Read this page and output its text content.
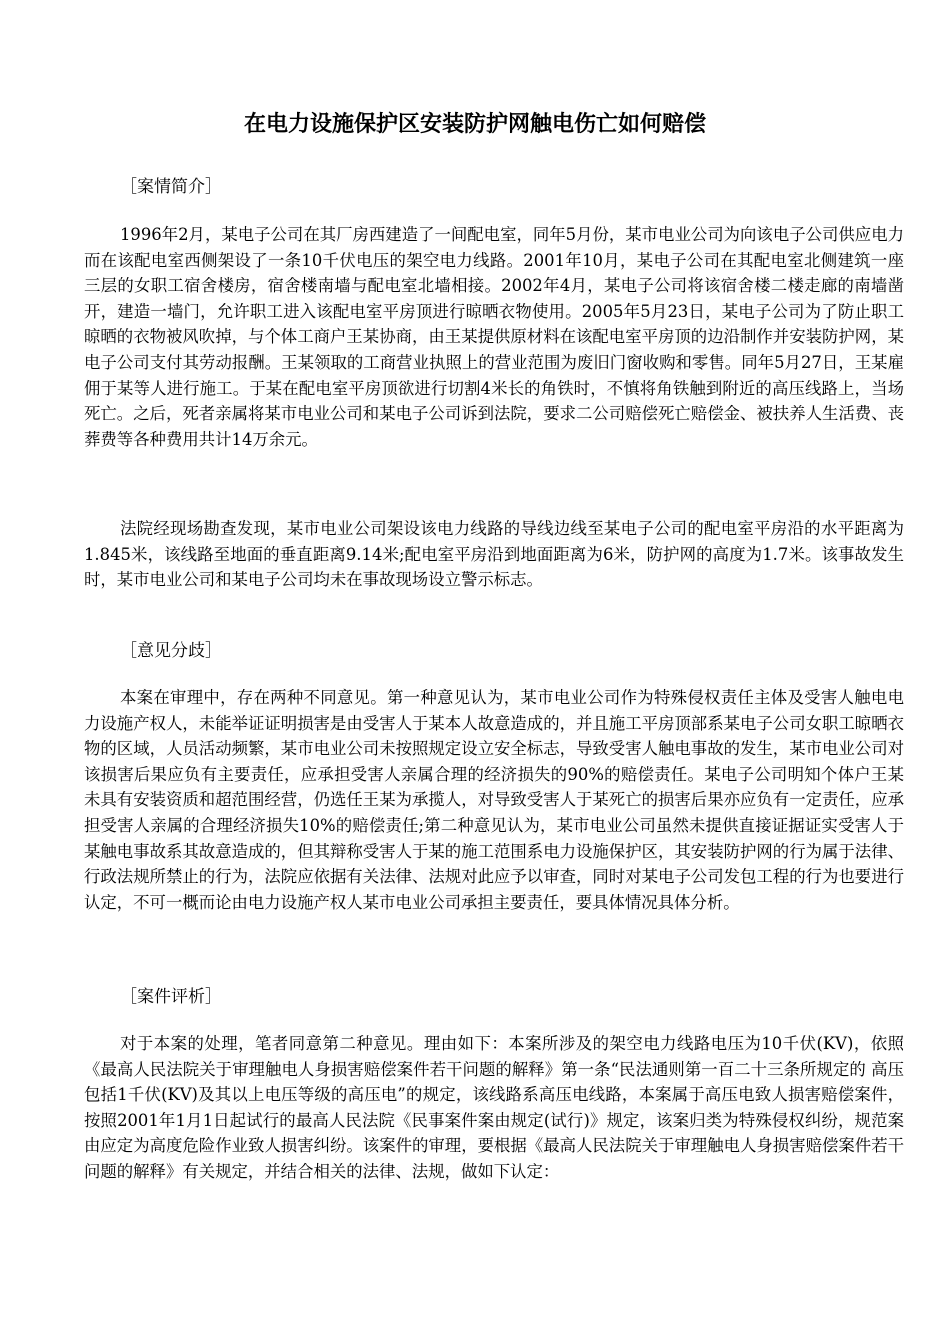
在电力设施保护区安装防护网触电伤亡如何赔偿

［案情简介］

1996年2月，某电子公司在其厂房西建造了一间配电室，同年5月份，某市电业公司为向该电子公司供应电力而在该配电室西侧架设了一条10千伏电压的架空电力线路。2001年10月，某电子公司在其配电室北侧建筑一座三层的女职工宿舍楼房，宿舍楼南墙与配电室北墙相接。2002年4月，某电子公司将该宿舍楼二楼走廊的南墙凿开，建造一墙门，允许职工进入该配电室平房顶进行晾晒衣物使用。2005年5月23日，某电子公司为了防止职工晾晒的衣物被风吹掉，与个体工商户王某协商，由王某提供原材料在该配电室平房顶的边沿制作并安装防护网，某电子公司支付其劳动报酬。王某领取的工商营业执照上的营业范围为废旧门窗收购和零售。同年5月27日，王某雇佣于某等人进行施工。于某在配电室平房顶欲进行切割4米长的角铁时，不慎将角铁触到附近的高压线路上，当场死亡。之后，死者亲属将某市电业公司和某电子公司诉到法院，要求二公司赔偿死亡赔偿金、被扶养人生活费、丧葬费等各种费用共计14万余元。

法院经现场勘查发现，某市电业公司架设该电力线路的导线边线至某电子公司的配电室平房沿的水平距离为1.845米，该线路至地面的垂直距离9.14米;配电室平房沿到地面距离为6米，防护网的高度为1.7米。该事故发生时，某市电业公司和某电子公司均未在事故现场设立警示标志。

［意见分歧］

本案在审理中，存在两种不同意见。第一种意见认为，某市电业公司作为特殊侵权责任主体及受害人触电电力设施产权人，未能举证证明损害是由受害人于某本人故意造成的，并且施工平房顶部系某电子公司女职工晾晒衣物的区域，人员活动频繁，某市电业公司未按照规定设立安全标志，导致受害人触电事故的发生，某市电业公司对该损害后果应负有主要责任，应承担受害人亲属合理的经济损失的90%的赔偿责任。某电子公司明知个体户王某未具有安装资质和超范围经营，仍选任王某为承揽人，对导致受害人于某死亡的损害后果亦应负有一定责任，应承担受害人亲属的合理经济损失10%的赔偿责任;第二种意见认为，某市电业公司虽然未提供直接证据证实受害人于某触电事故系其故意造成的，但其辩称受害人于某的施工范围系电力设施保护区，其安装防护网的行为属于法律、行政法规所禁止的行为，法院应依据有关法律、法规对此应予以审查，同时对某电子公司发包工程的行为也要进行认定，不可一概而论由电力设施产权人某市电业公司承担主要责任，要具体情况具体分析。

［案件评析］

对于本案的处理，笔者同意第二种意见。理由如下：本案所涉及的架空电力线路电压为10千伏(KV)，依照《最高人民法院关于审理触电人身损害赔偿案件若干问题的解释》第一条“民法通则第一百二十三条所规定的 高压 包括1千伏(KV)及其以上电压等级的高压电”的规定，该线路系高压电线路，本案属于高压电致人损害赔偿案件，按照2001年1月1日起试行的最高人民法院《民事案件案由规定(试行)》规定，该案归类为特殊侵权纠纷，规范案由应定为高度危险作业致人损害纠纷。该案件的审理，要根据《最高人民法院关于审理触电人身损害赔偿案件若干问题的解释》有关规定，并结合相关的法律、法规，做如下认定：
